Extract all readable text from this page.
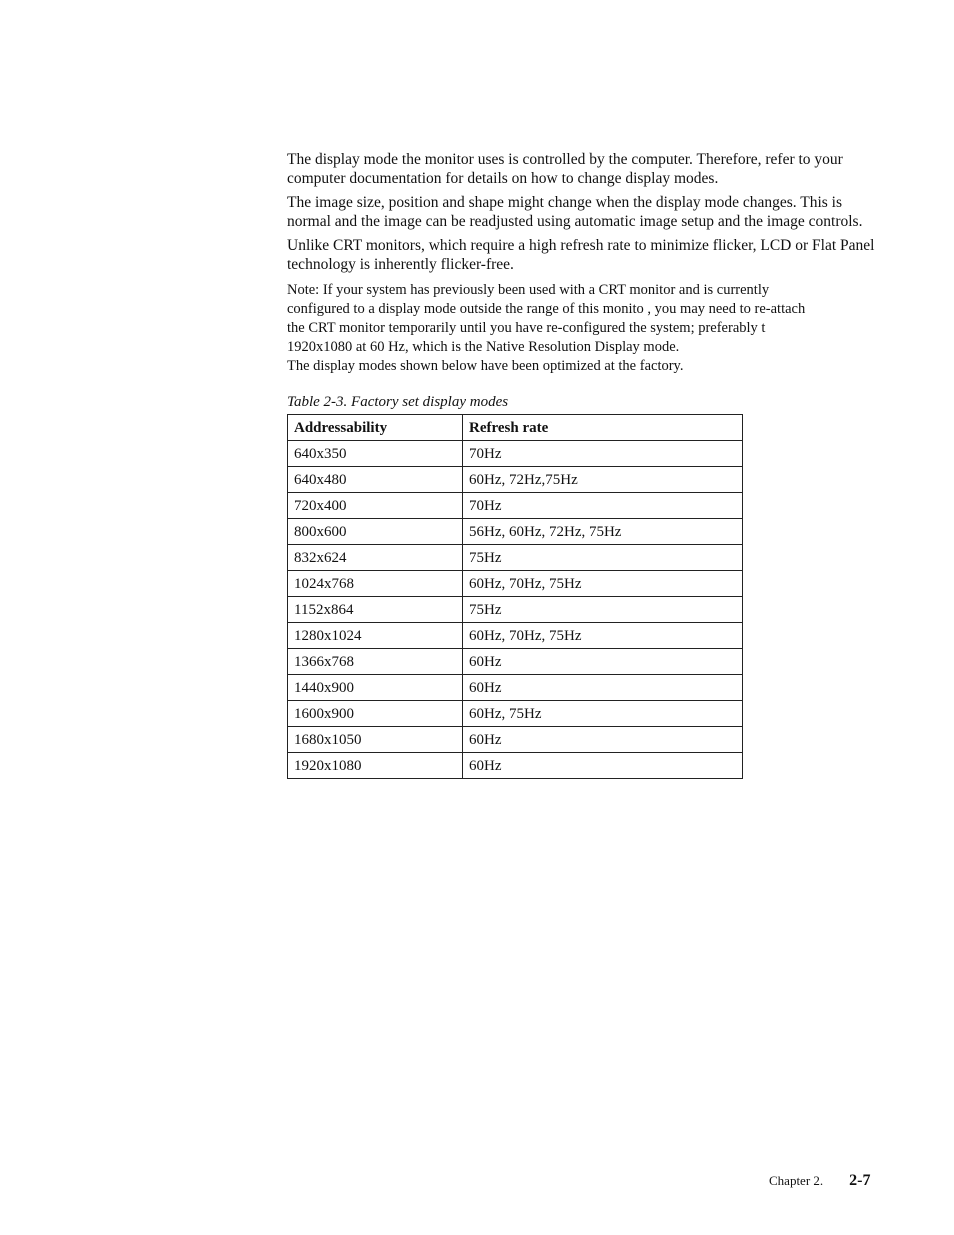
The display mode the monitor uses is controlled by the computer. Therefore, refer to your computer documentation for details on how to change display modes.

The image size, position and shape might change when the display mode changes. This is normal and the image can be readjusted using automatic image setup and the image controls.

Unlike CRT monitors, which require a high refresh rate to minimize flicker, LCD or Flat Panel technology is inherently flicker-free.

Note: If your system has previously been used with a CRT monitor and is currently
configured to a display mode outside the range of this monito , you may need to re-attach
the CRT monitor temporarily until you have re-configured the system; preferably t
1920x1080 at 60 Hz, which is the Native Resolution Display mode.
The display modes shown below have been optimized at the factory.
Table 2-3. Factory set display modes
Addressability	Refresh rate
640x350	70Hz
640x480	60Hz, 72Hz,75Hz
720x400	70Hz
800x600	56Hz, 60Hz, 72Hz, 75Hz
832x624	75Hz
1024x768	60Hz, 70Hz, 75Hz
1152x864	75Hz
1280x1024	60Hz, 70Hz, 75Hz
1366x768	60Hz
1440x900	60Hz
1600x900	60Hz, 75Hz
1680x1050	60Hz
1920x1080	60Hz
Chapter 2. 2-7
